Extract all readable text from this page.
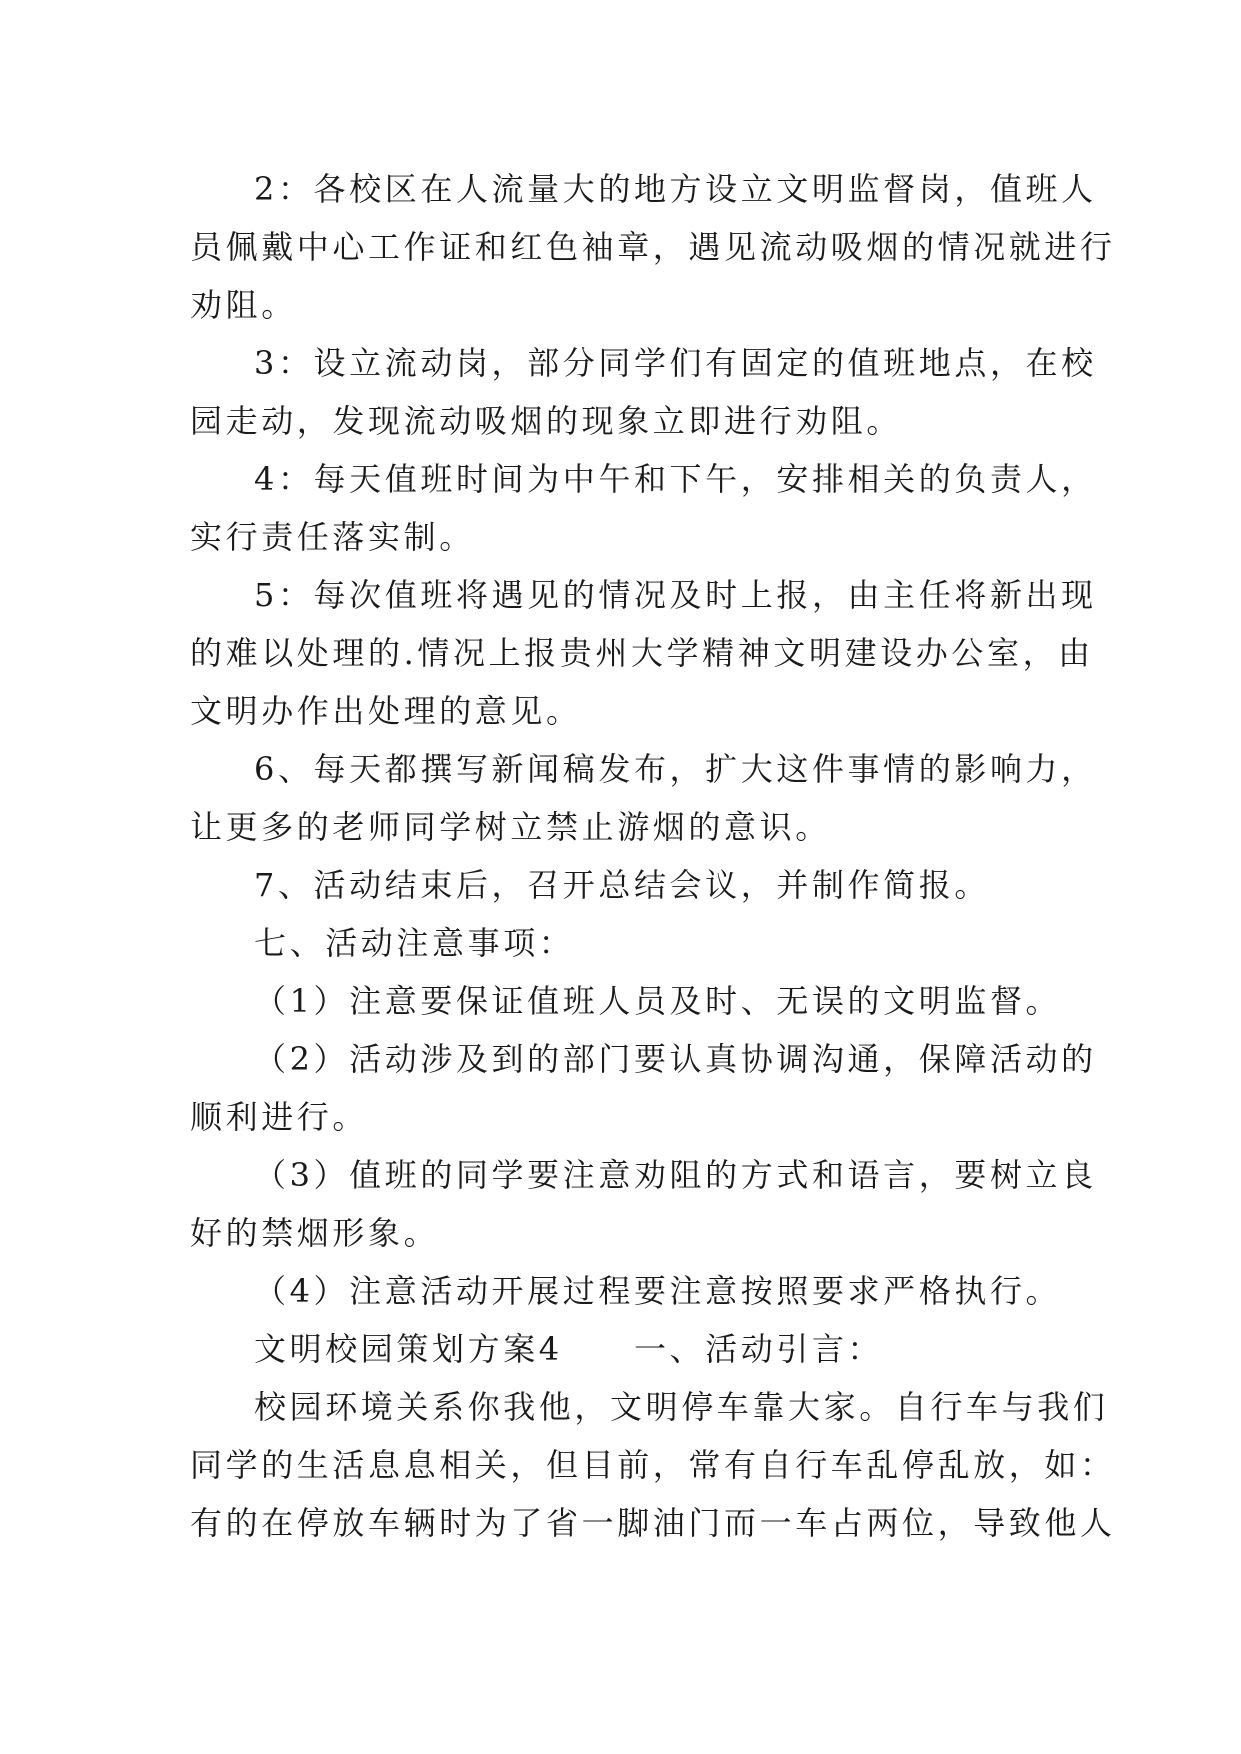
2：各校区在人流量大的地方设立文明监督岗，值班人
员佩戴中心工作证和红色袖章，遇见流动吸烟的情况就进行
劝阻。
3：设立流动岗，部分同学们有固定的值班地点，在校
园走动，发现流动吸烟的现象立即进行劝阻。
4：每天值班时间为中午和下午，安排相关的负责人，
实行责任落实制。
5：每次值班将遇见的情况及时上报，由主任将新出现
的难以处理的.情况上报贵州大学精神文明建设办公室，由
文明办作出处理的意见。
6、每天都撰写新闻稿发布，扩大这件事情的影响力，
让更多的老师同学树立禁止游烟的意识。
7、活动结束后，召开总结会议，并制作简报。
七、活动注意事项：
（1）注意要保证值班人员及时、无误的文明监督。
（2）活动涉及到的部门要认真协调沟通，保障活动的
顺利进行。
（3）值班的同学要注意劝阻的方式和语言，要树立良
好的禁烟形象。
（4）注意活动开展过程要注意按照要求严格执行。
文明校园策划方案4　　一、活动引言：
校园环境关系你我他，文明停车靠大家。自行车与我们
同学的生活息息相关，但目前，常有自行车乱停乱放，如：
有的在停放车辆时为了省一脚油门而一车占两位，导致他人
